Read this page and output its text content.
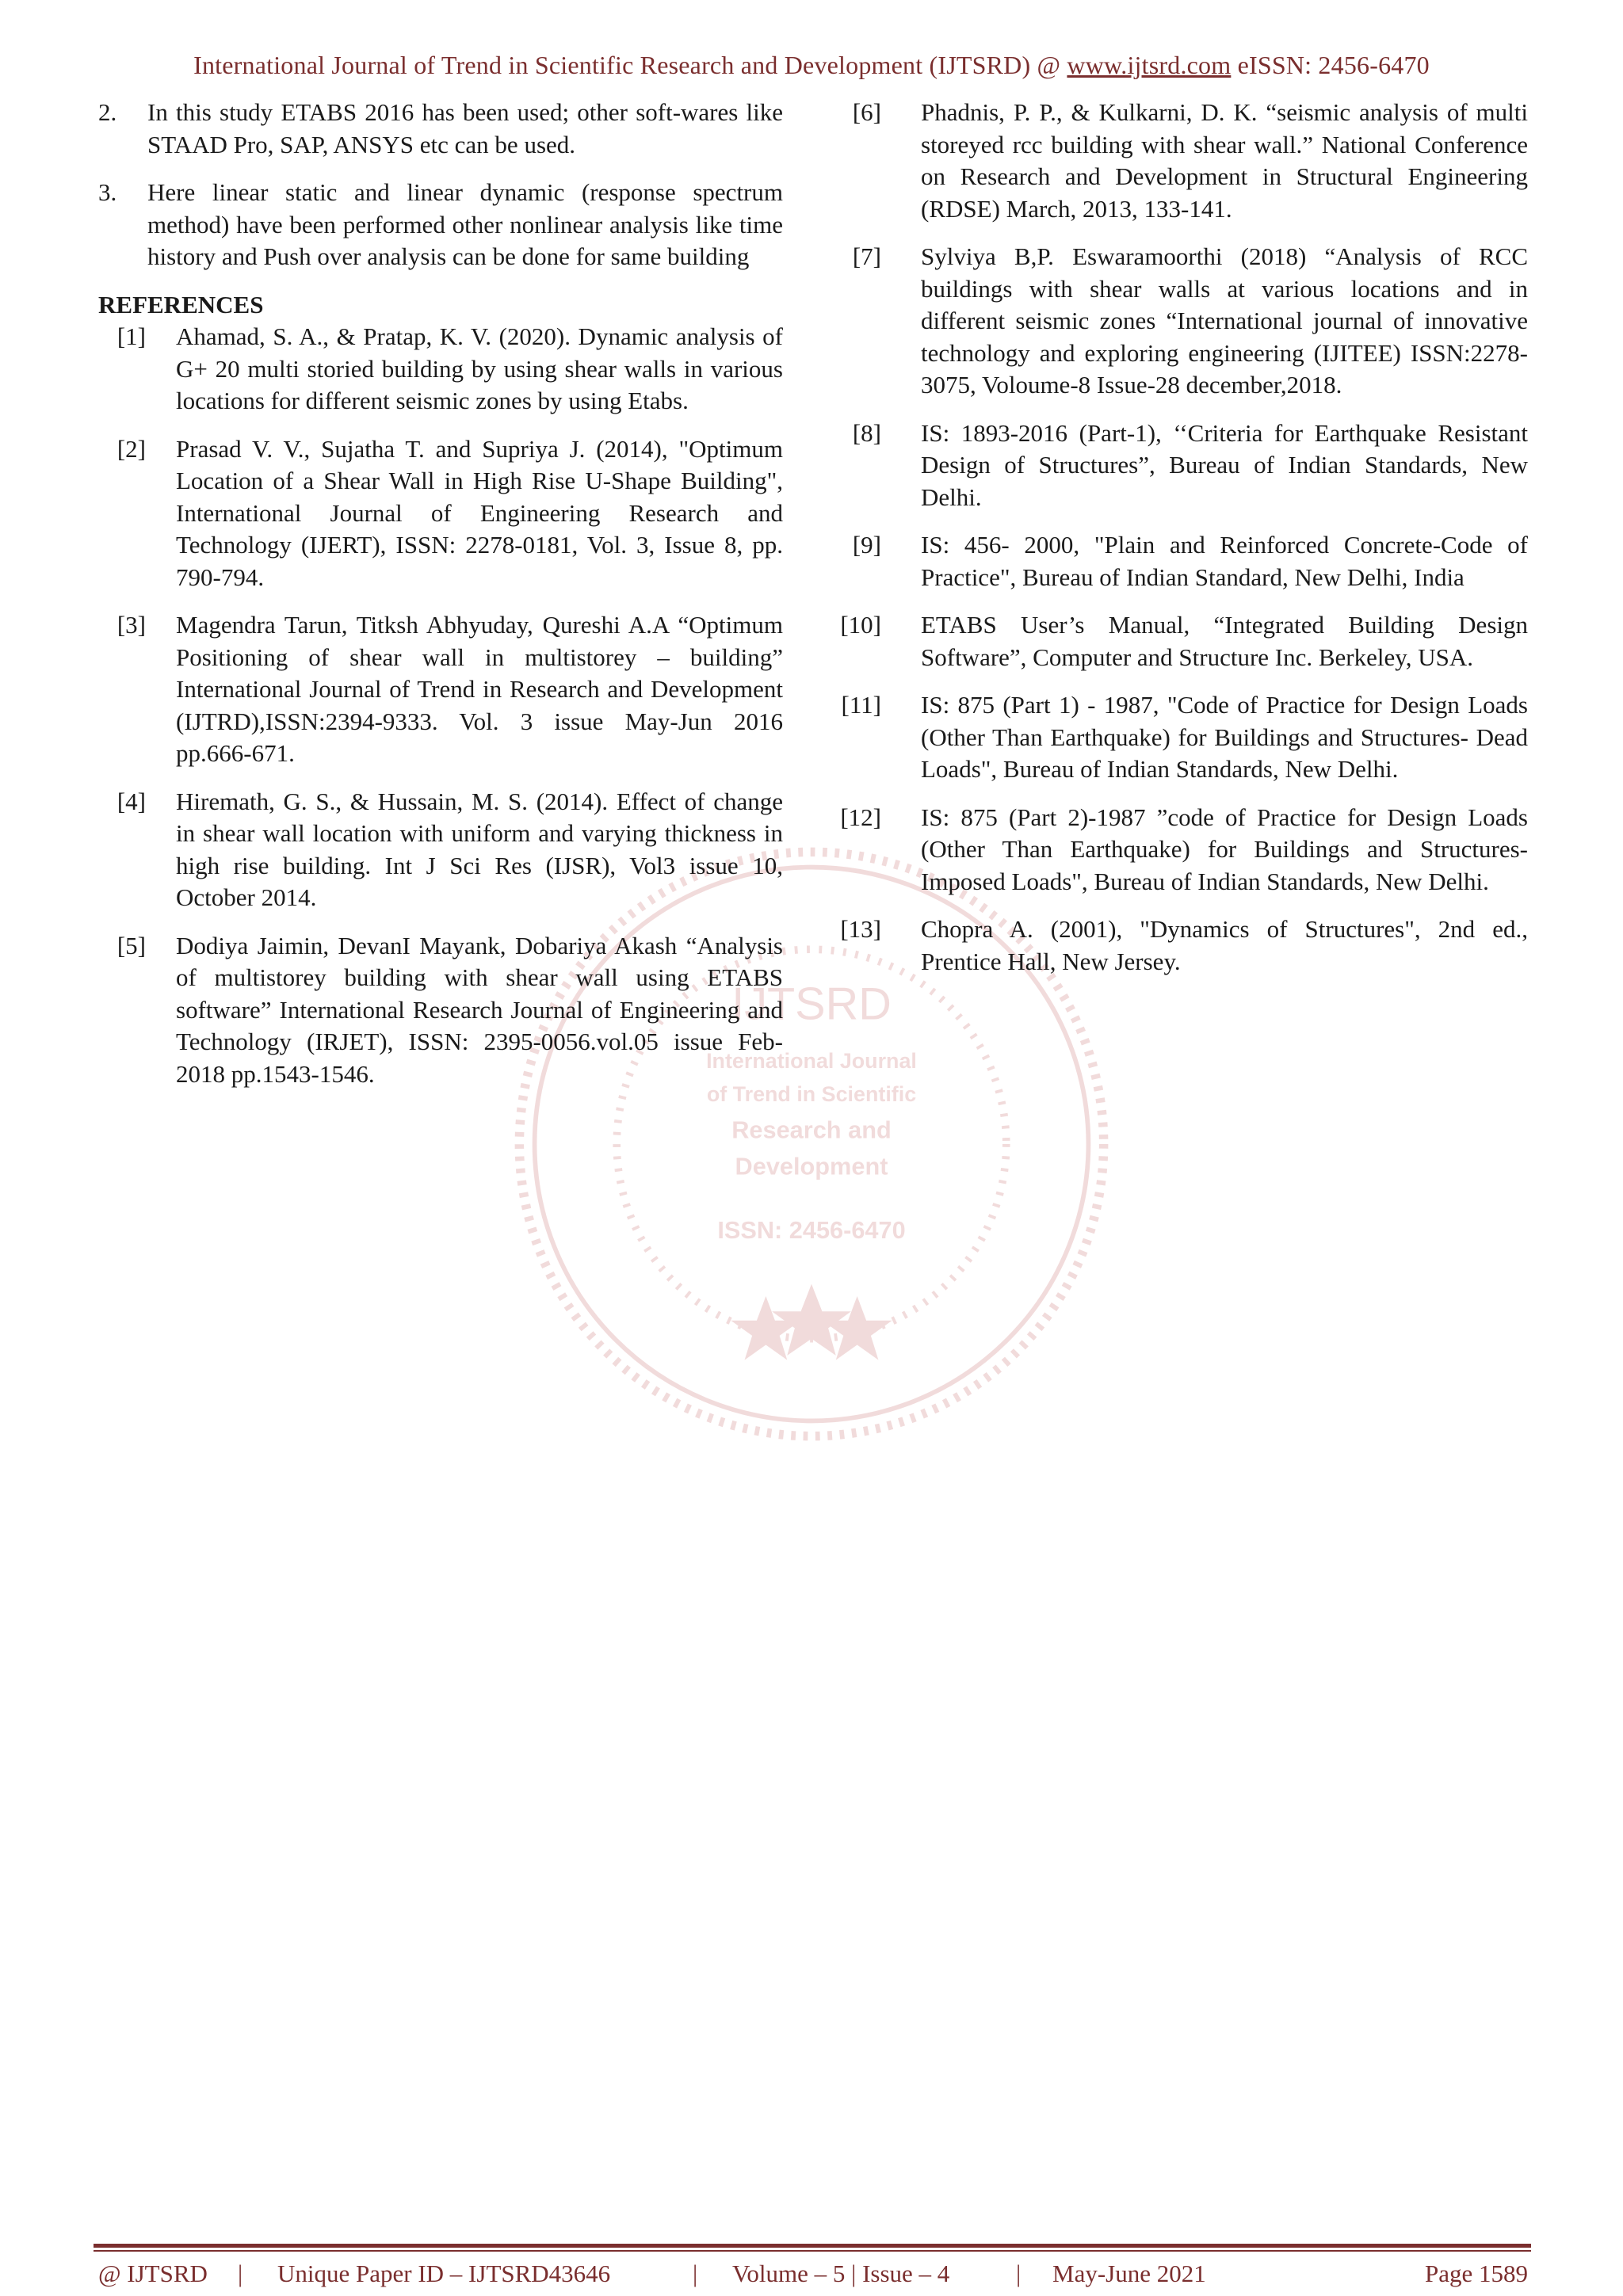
International Journal of Trend in Scientific Research and Development (IJTSRD) @ www.ijtsrd.com eISSN: 2456-6470
IJTSRD
International Journal
of Trend in Scientific
Research and
Development
ISSN: 2456-6470
2. In this study ETABS 2016 has been used; other soft-wares like STAAD Pro, SAP, ANSYS etc can be used.
3. Here linear static and linear dynamic (response spectrum method) have been performed other nonlinear analysis like time history and Push over analysis can be done for same building
REFERENCES
[1] Ahamad, S. A., & Pratap, K. V. (2020). Dynamic analysis of G+ 20 multi storied building by using shear walls in various locations for different seismic zones by using Etabs.
[2] Prasad V. V., Sujatha T. and Supriya J. (2014), "Optimum Location of a Shear Wall in High Rise U-Shape Building", International Journal of Engineering Research and Technology (IJERT), ISSN: 2278-0181, Vol. 3, Issue 8, pp. 790-794.
[3] Magendra Tarun, Titksh Abhyuday, Qureshi A.A “Optimum Positioning of shear wall in multistorey – building” International Journal of Trend in Research and Development (IJTRD),ISSN:2394-9333. Vol. 3 issue May-Jun 2016 pp.666-671.
[4] Hiremath, G. S., & Hussain, M. S. (2014). Effect of change in shear wall location with uniform and varying thickness in high rise building. Int J Sci Res (IJSR), Vol3 issue 10, October 2014.
[5] Dodiya Jaimin, DevanI Mayank, Dobariya Akash “Analysis of multistorey building with shear wall using ETABS software” International Research Journal of Engineering and Technology (IRJET), ISSN: 2395-0056.vol.05 issue Feb-2018 pp.1543-1546.
[6] Phadnis, P. P., & Kulkarni, D. K. “seismic analysis of multi storeyed rcc building with shear wall.” National Conference on Research and Development in Structural Engineering (RDSE) March, 2013, 133-141.
[7] Sylviya B,P. Eswaramoorthi (2018) “Analysis of RCC buildings with shear walls at various locations and in different seismic zones “International journal of innovative technology and exploring engineering (IJITEE) ISSN:2278-3075, Voloume-8 Issue-28 december,2018.
[8] IS: 1893-2016 (Part-1), ‘‘Criteria for Earthquake Resistant Design of Structures”, Bureau of Indian Standards, New Delhi.
[9] IS: 456- 2000, "Plain and Reinforced Concrete-Code of Practice", Bureau of Indian Standard, New Delhi, India
[10] ETABS User’s Manual, “Integrated Building Design Software”, Computer and Structure Inc. Berkeley, USA.
[11] IS: 875 (Part 1) - 1987, "Code of Practice for Design Loads (Other Than Earthquake) for Buildings and Structures- Dead Loads", Bureau of Indian Standards, New Delhi.
[12] IS: 875 (Part 2)-1987 ”code of Practice for Design Loads (Other Than Earthquake) for Buildings and Structures-Imposed Loads", Bureau of Indian Standards, New Delhi.
[13] Chopra A. (2001), "Dynamics of Structures", 2nd ed., Prentice Hall, New Jersey.
@ IJTSRD | Unique Paper ID – IJTSRD43646	| Volume – 5 | Issue – 4	| May-June 2021	Page 1589
